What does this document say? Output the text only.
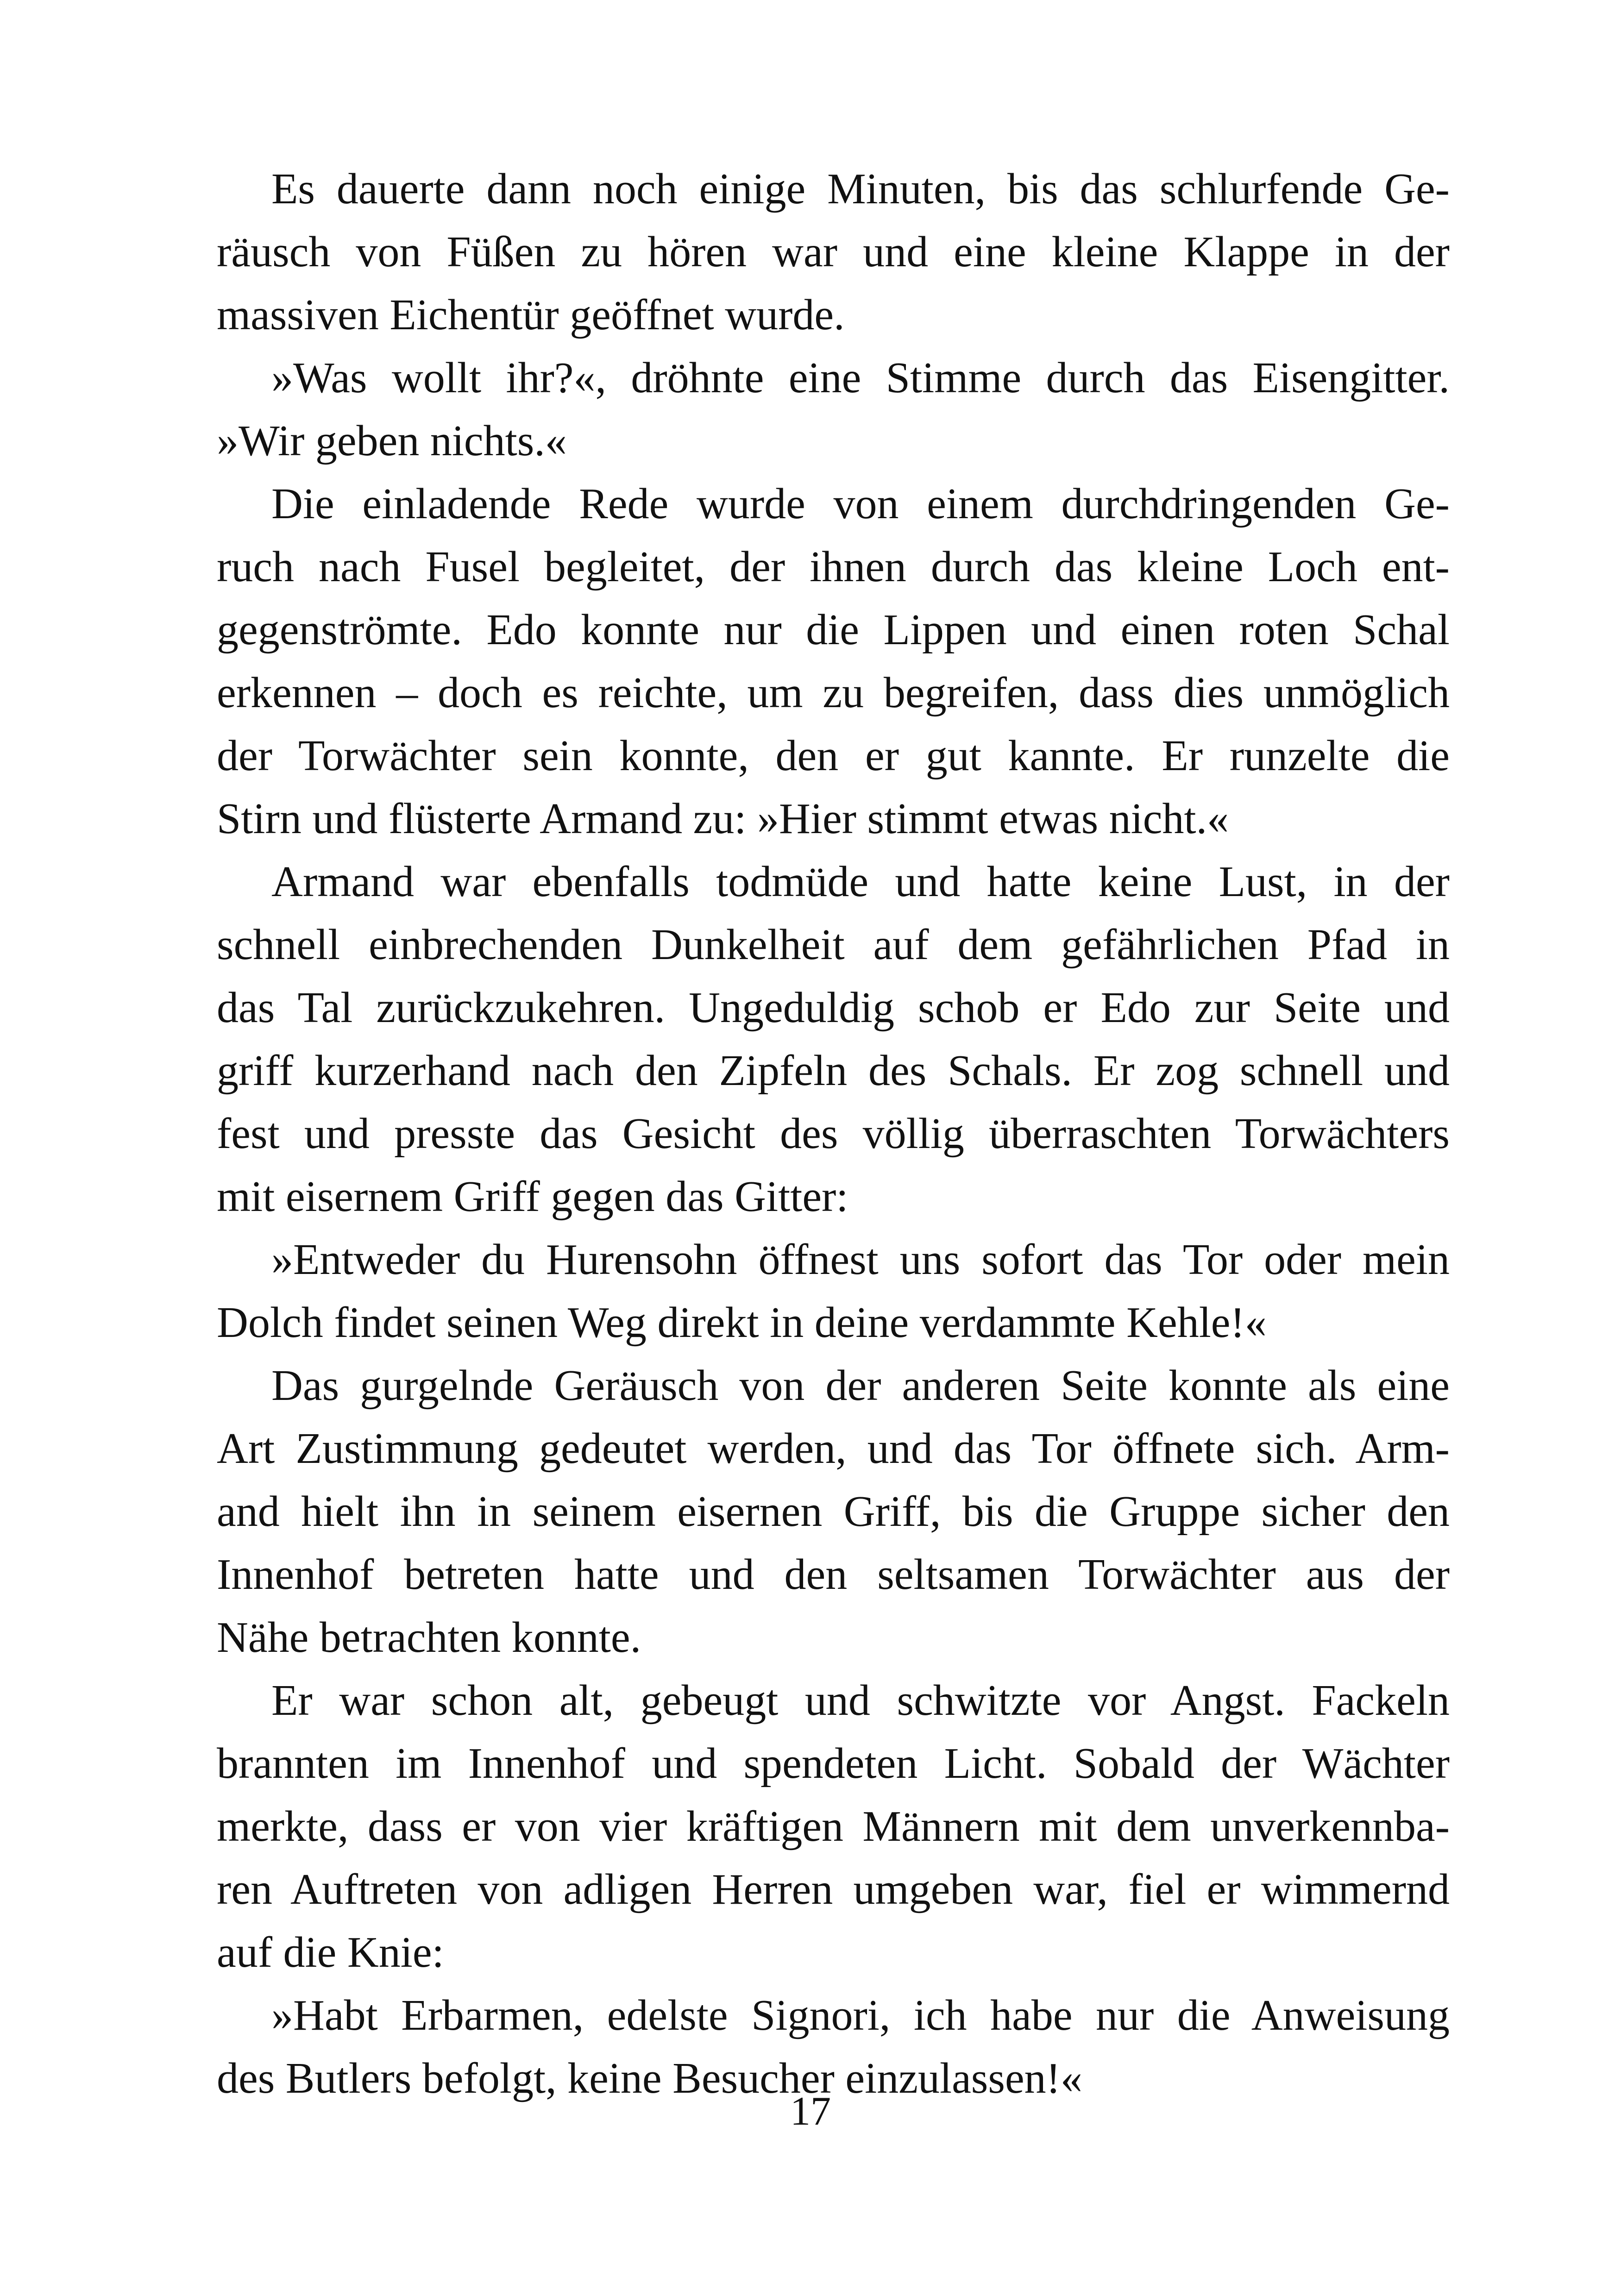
Es dauerte dann noch einige Minuten, bis das schlurfende Ge-
räusch von Füßen zu hören war und eine kleine Klappe in der
massiven Eichentür geöffnet wurde.
»Was wollt ihr?«, dröhnte eine Stimme durch das Eisengitter.
»Wir geben nichts.«
Die einladende Rede wurde von einem durchdringenden Ge-
ruch nach Fusel begleitet, der ihnen durch das kleine Loch ent-
gegenströmte. Edo konnte nur die Lippen und einen roten Schal
erkennen – doch es reichte, um zu begreifen, dass dies unmöglich
der Torwächter sein konnte, den er gut kannte. Er runzelte die
Stirn und flüsterte Armand zu: »Hier stimmt etwas nicht.«
Armand war ebenfalls todmüde und hatte keine Lust, in der
schnell einbrechenden Dunkelheit auf dem gefährlichen Pfad in
das Tal zurückzukehren. Ungeduldig schob er Edo zur Seite und
griff kurzerhand nach den Zipfeln des Schals. Er zog schnell und
fest und presste das Gesicht des völlig überraschten Torwächters
mit eisernem Griff gegen das Gitter:
»Entweder du Hurensohn öffnest uns sofort das Tor oder mein
Dolch findet seinen Weg direkt in deine verdammte Kehle!«
Das gurgelnde Geräusch von der anderen Seite konnte als eine
Art Zustimmung gedeutet werden, und das Tor öffnete sich. Arm-
and hielt ihn in seinem eisernen Griff, bis die Gruppe sicher den
Innenhof betreten hatte und den seltsamen Torwächter aus der
Nähe betrachten konnte.
Er war schon alt, gebeugt und schwitzte vor Angst. Fackeln
brannten im Innenhof und spendeten Licht. Sobald der Wächter
merkte, dass er von vier kräftigen Männern mit dem unverkennba-
ren Auftreten von adligen Herren umgeben war, fiel er wimmernd
auf die Knie:
»Habt Erbarmen, edelste Signori, ich habe nur die Anweisung
des Butlers befolgt, keine Besucher einzulassen!«
17
